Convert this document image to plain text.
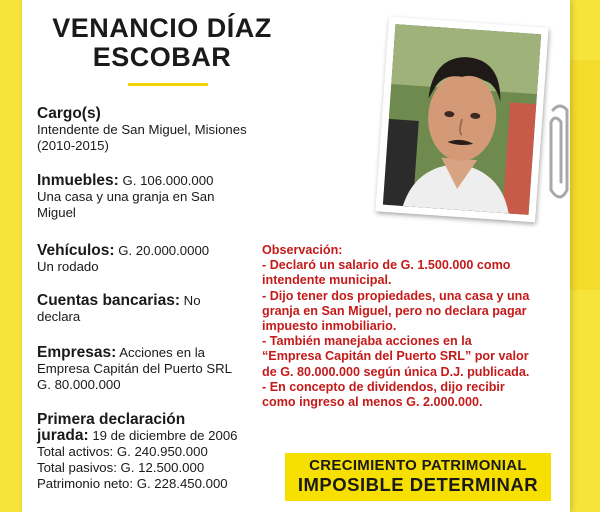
VENANCIO DÍAZ
ESCOBAR
Cargo(s)
Intendente de San Miguel, Misiones
(2010-2015)
Inmuebles: G. 106.000.000
Una casa y una granja en San
Miguel
Vehículos: G. 20.000.0000
Un rodado
Cuentas bancarias: No
declara
Empresas: Acciones en la
Empresa Capitán del Puerto SRL
G. 80.000.000
Primera declaración
jurada: 19 de diciembre de 2006
Total activos: G. 240.950.000
Total pasivos: G. 12.500.000
Patrimonio neto: G. 228.450.000
Observación:
- Declaró un salario de G. 1.500.000 como
intendente municipal.
- Dijo tener dos propiedades, una casa y una
granja en San Miguel, pero no declara pagar
impuesto inmobiliario.
- También manejaba acciones en la
“Empresa Capitán del Puerto SRL” por valor
de G. 80.000.000 según única D.J. publicada.
- En concepto de dividendos, dijo recibir
como ingreso al menos G. 2.000.000.
CRECIMIENTO PATRIMONIAL
IMPOSIBLE DETERMINAR
